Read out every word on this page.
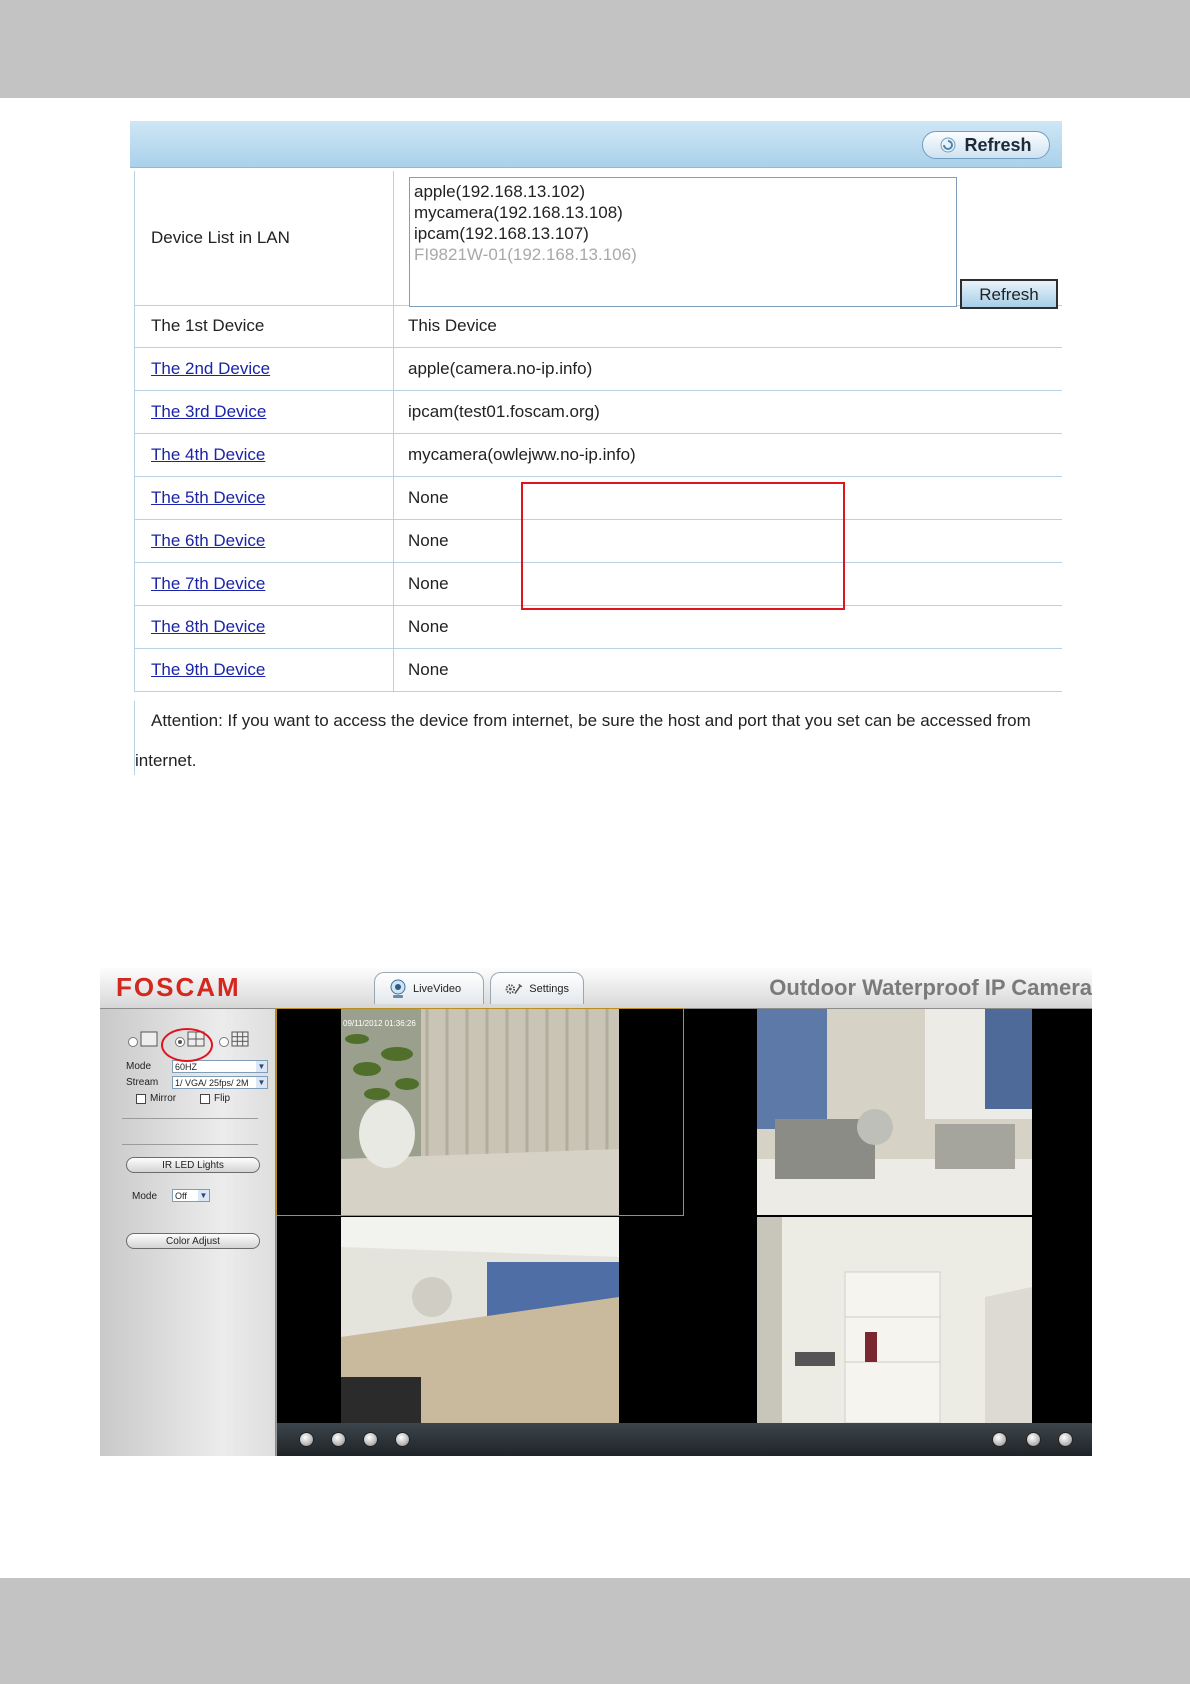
Refresh
Device List in LAN
apple(192.168.13.102)
mycamera(192.168.13.108)
ipcam(192.168.13.107)
FI9821W-01(192.168.13.106)
Refresh
The 1st Device	This Device
The 2nd Device	apple(camera.no-ip.info)
The 3rd Device	ipcam(test01.foscam.org)
The 4th Device	mycamera(owlejww.no-ip.info)
The 5th Device	None
The 6th Device	None
The 7th Device	None
The 8th Device	None
The 9th Device	None
Attention: If you want to access the device from internet, be sure the host and port that you set can be accessed from internet.
FOSCAM	LiveVideo	Settings	Outdoor Waterproof IP Camera
Mode	60HZ	▼
Stream	1/ VGA/ 25fps/ 2M ▼
Mirror	Flip
IR LED Lights
Mode	Off ▼
Color Adjust
09/11/2012 01:36:26
